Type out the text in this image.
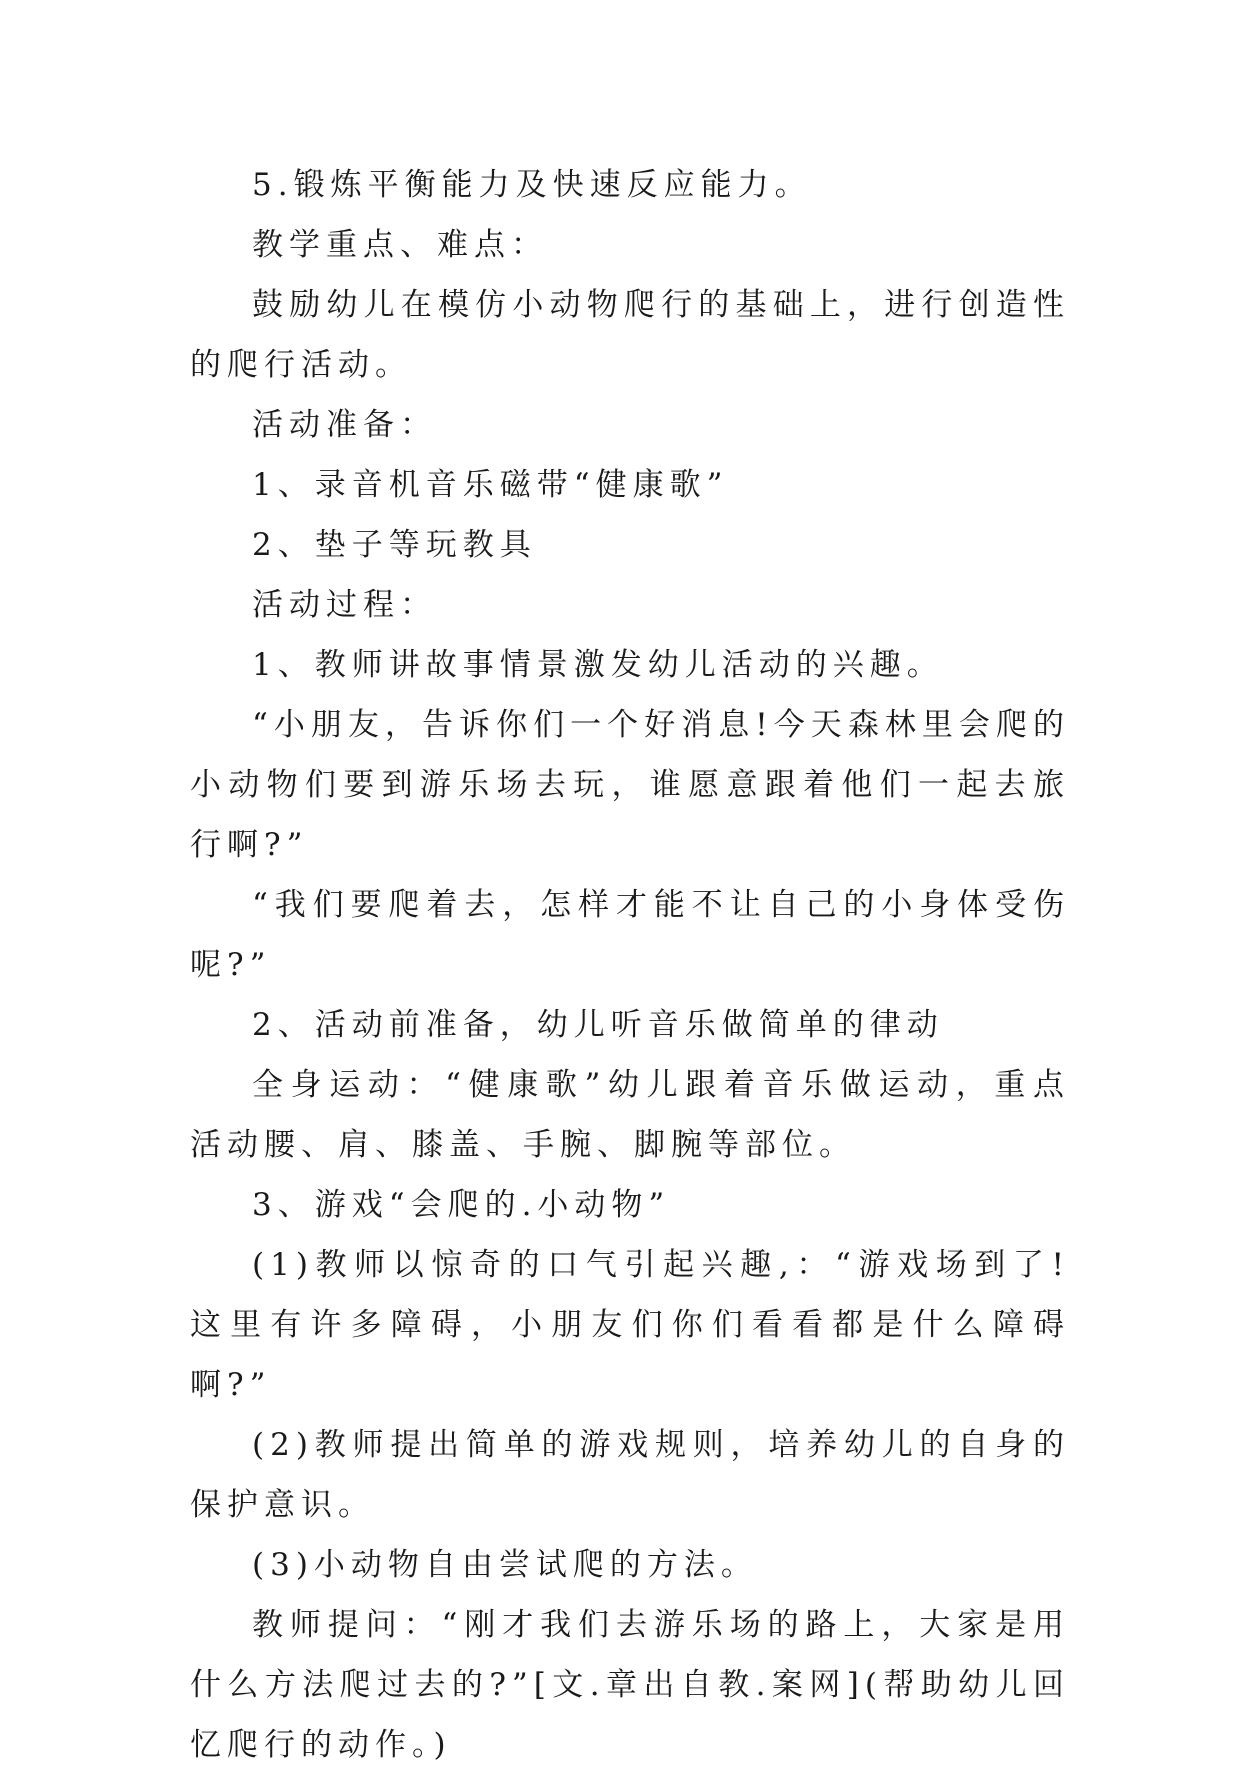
5.锻炼平衡能力及快速反应能力。

教学重点、难点：

鼓励幼儿在模仿小动物爬行的基础上，进行创造性的爬行活动。

活动准备：

1、录音机音乐磁带“健康歌”

2、垫子等玩教具

活动过程：

1、教师讲故事情景激发幼儿活动的兴趣。

“小朋友，告诉你们一个好消息!今天森林里会爬的小动物们要到游乐场去玩，谁愿意跟着他们一起去旅行啊?”

“我们要爬着去，怎样才能不让自己的小身体受伤呢?”

2、活动前准备，幼儿听音乐做简单的律动

全身运动：“健康歌”幼儿跟着音乐做运动，重点活动腰、肩、膝盖、手腕、脚腕等部位。

3、游戏“会爬的.小动物”

(1)教师以惊奇的口气引起兴趣,：“游戏场到了!这里有许多障碍，小朋友们你们看看都是什么障碍啊?”

(2)教师提出简单的游戏规则，培养幼儿的自身的保护意识。

(3)小动物自由尝试爬的方法。

教师提问：“刚才我们去游乐场的路上，大家是用什么方法爬过去的?”[文.章出自教.案网](帮助幼儿回忆爬行的动作。)
